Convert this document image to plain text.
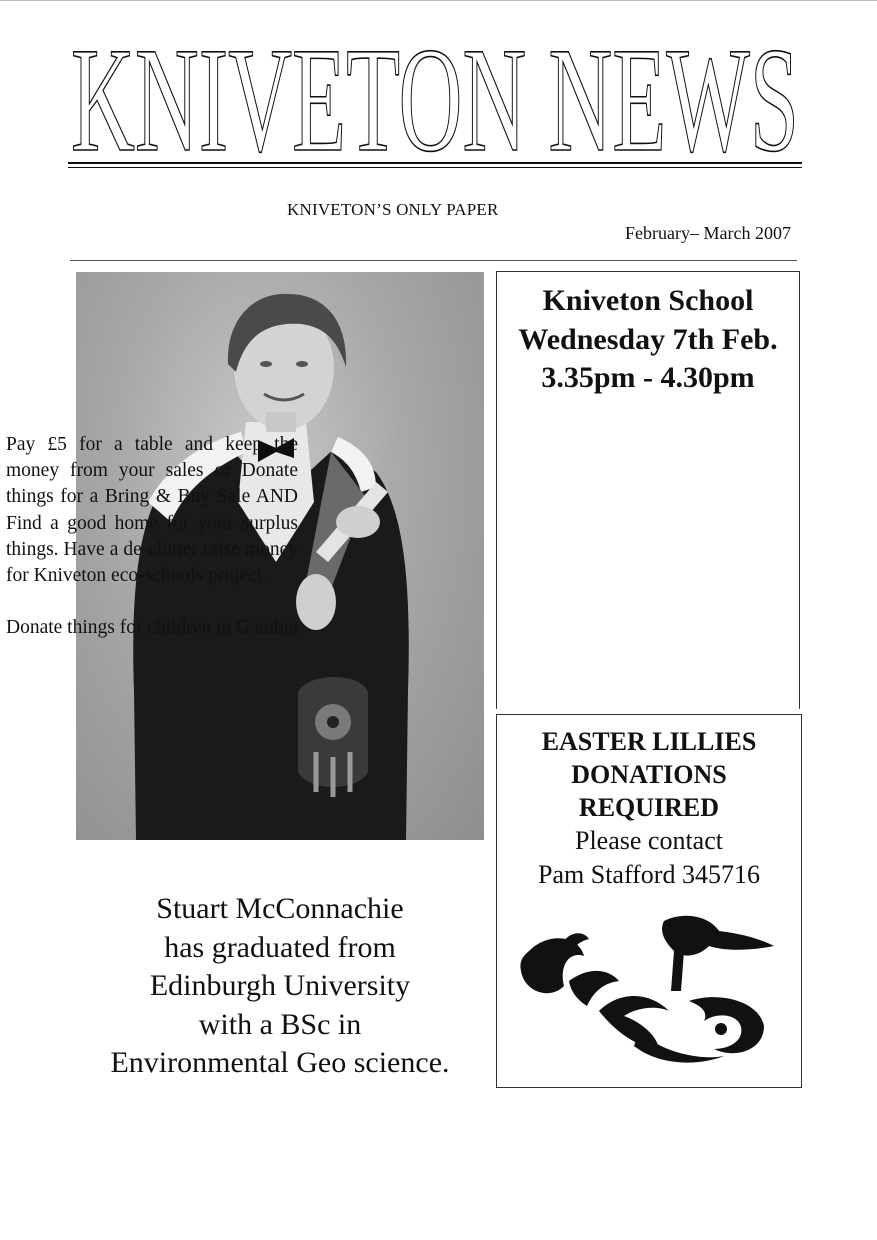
KNIVETON NEWS
KNIVETON’S ONLY PAPER
February– March 2007
Stuart McConnachie
has graduated from
Edinburgh University
with a BSc in
Environmental Geo science.
Kniveton School
Wednesday 7th Feb.
3.35pm - 4.30pm

Pay £5 for a table and keep the money from your sales or Donate things for a Bring & Buy Sale AND Find a good home for your surplus things. Have a de-clutter raise money for Kniveton eco-schools project.

Donate things for children in Gambia

EASTER LILLIES
DONATIONS
REQUIRED
Please contact
Pam Stafford 345716
